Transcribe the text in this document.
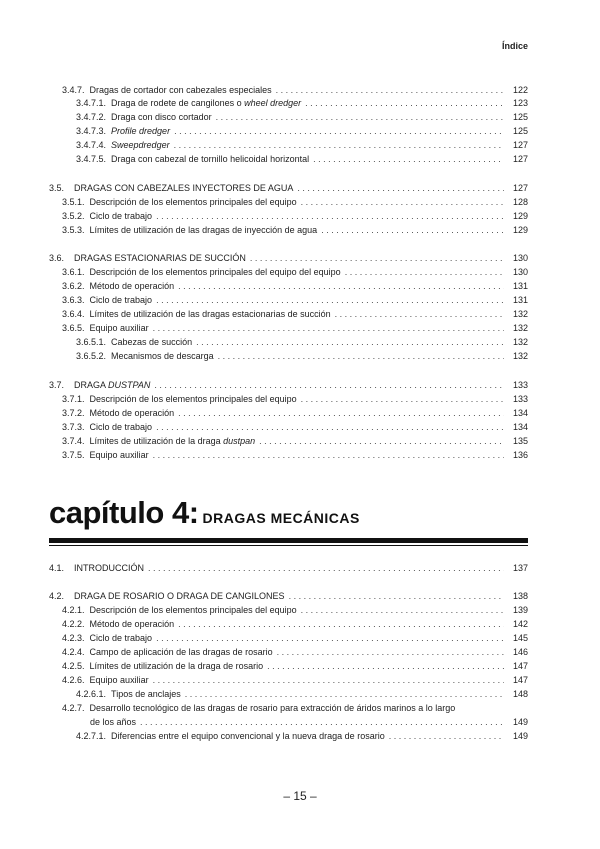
Índice
3.4.7. Dragas de cortador con cabezales especiales . . .	122
3.4.7.1. Draga de rodete de cangilones o wheel dredger . . .	123
3.4.7.2. Draga con disco cortador . . .	125
3.4.7.3. Profile dredger . . .	125
3.4.7.4. Sweepdredger . . .	127
3.4.7.5. Draga con cabezal de tornillo helicoidal horizontal . . .	127
3.5. DRAGAS CON CABEZALES INYECTORES DE AGUA . . .	127
3.5.1. Descripción de los elementos principales del equipo . . .	128
3.5.2. Ciclo de trabajo . . .	129
3.5.3. Límites de utilización de las dragas de inyección de agua . . .	129
3.6. DRAGAS ESTACIONARIAS DE SUCCIÓN . . .	130
3.6.1. Descripción de los elementos principales del equipo del equipo . . .	130
3.6.2. Método de operación . . .	131
3.6.3. Ciclo de trabajo . . .	131
3.6.4. Límites de utilización de las dragas estacionarias de succión . . .	132
3.6.5. Equipo auxiliar . . .	132
3.6.5.1. Cabezas de succión . . .	132
3.6.5.2. Mecanismos de descarga . . .	132
3.7. DRAGA DUSTPAN . . .	133
3.7.1. Descripción de los elementos principales del equipo . . .	133
3.7.2. Método de operación . . .	134
3.7.3. Ciclo de trabajo . . .	134
3.7.4. Límites de utilización de la draga dustpan . . .	135
3.7.5. Equipo auxiliar . . .	136
capítulo 4: DRAGAS MECÁNICAS
4.1. INTRODUCCIÓN . . .	137
4.2. DRAGA DE ROSARIO O DRAGA DE CANGILONES . . .	138
4.2.1. Descripción de los elementos principales del equipo . . .	139
4.2.2. Método de operación . . .	142
4.2.3. Ciclo de trabajo . . .	145
4.2.4. Campo de aplicación de las dragas de rosario . . .	146
4.2.5. Límites de utilización de la draga de rosario . . .	147
4.2.6. Equipo auxiliar . . .	147
4.2.6.1. Tipos de anclajes . . .	148
4.2.7. Desarrollo tecnológico de las dragas de rosario para extracción de áridos marinos a lo largo
de los años . . .	149
4.2.7.1. Diferencias entre el equipo convencional y la nueva draga de rosario . . .	149
– 15 –
